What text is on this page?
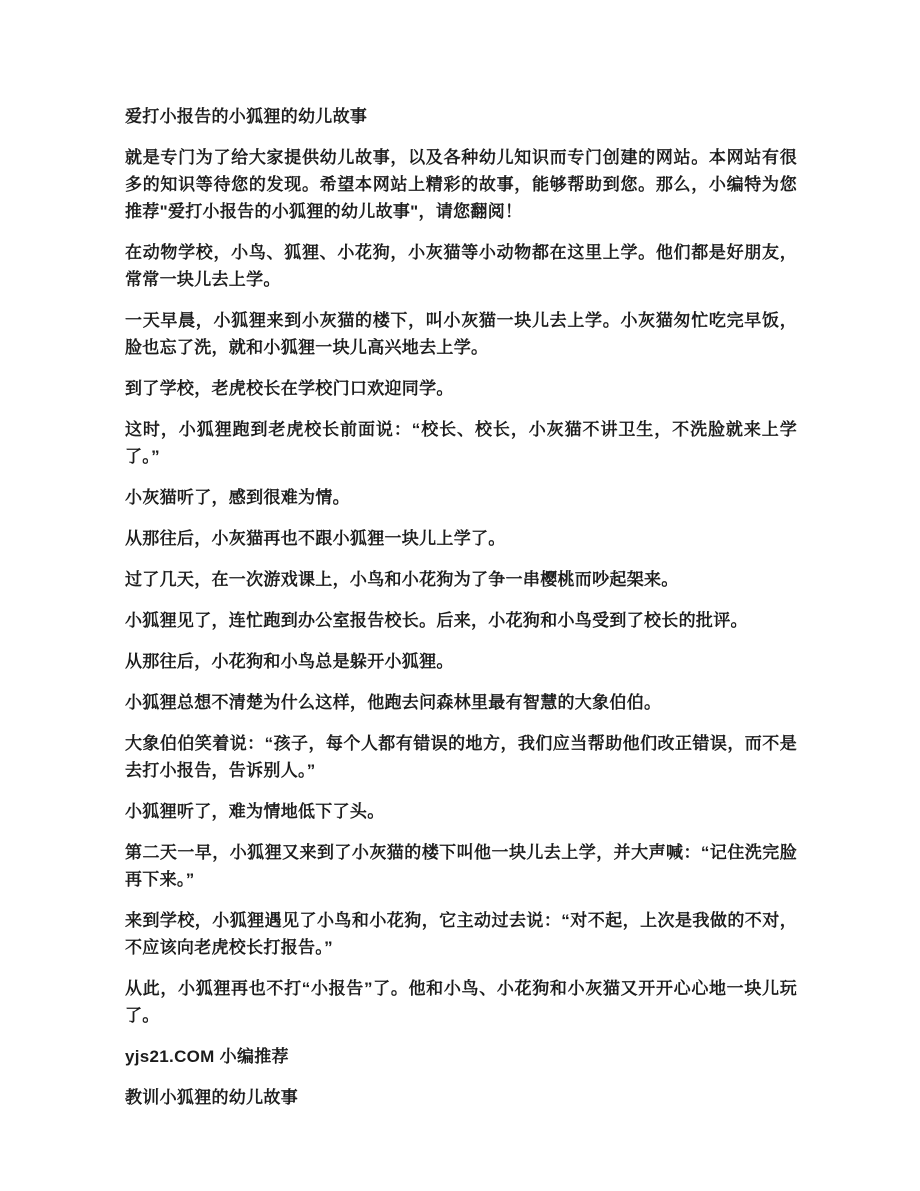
爱打小报告的小狐狸的幼儿故事

就是专门为了给大家提供幼儿故事，以及各种幼儿知识而专门创建的网站。本网站有很多的知识等待您的发现。希望本网站上精彩的故事，能够帮助到您。那么，小编特为您推荐"爱打小报告的小狐狸的幼儿故事"，请您翻阅！

在动物学校，小鸟、狐狸、小花狗，小灰猫等小动物都在这里上学。他们都是好朋友，常常一块儿去上学。

一天早晨，小狐狸来到小灰猫的楼下，叫小灰猫一块儿去上学。小灰猫匆忙吃完早饭，脸也忘了洗，就和小狐狸一块儿高兴地去上学。

到了学校，老虎校长在学校门口欢迎同学。

这时，小狐狸跑到老虎校长前面说：“校长、校长，小灰猫不讲卫生，不洗脸就来上学了。”

小灰猫听了，感到很难为情。

从那往后，小灰猫再也不跟小狐狸一块儿上学了。

过了几天，在一次游戏课上，小鸟和小花狗为了争一串樱桃而吵起架来。

小狐狸见了，连忙跑到办公室报告校长。后来，小花狗和小鸟受到了校长的批评。

从那往后，小花狗和小鸟总是躲开小狐狸。

小狐狸总想不清楚为什么这样，他跑去问森林里最有智慧的大象伯伯。

大象伯伯笑着说：“孩子，每个人都有错误的地方，我们应当帮助他们改正错误，而不是去打小报告，告诉别人。”

小狐狸听了，难为情地低下了头。

第二天一早，小狐狸又来到了小灰猫的楼下叫他一块儿去上学，并大声喊：“记住洗完脸再下来。”

来到学校，小狐狸遇见了小鸟和小花狗，它主动过去说：“对不起，上次是我做的不对，不应该向老虎校长打报告。”

从此，小狐狸再也不打“小报告”了。他和小鸟、小花狗和小灰猫又开开心心地一块儿玩了。

yjs21.COM 小编推荐

教训小狐狸的幼儿故事
